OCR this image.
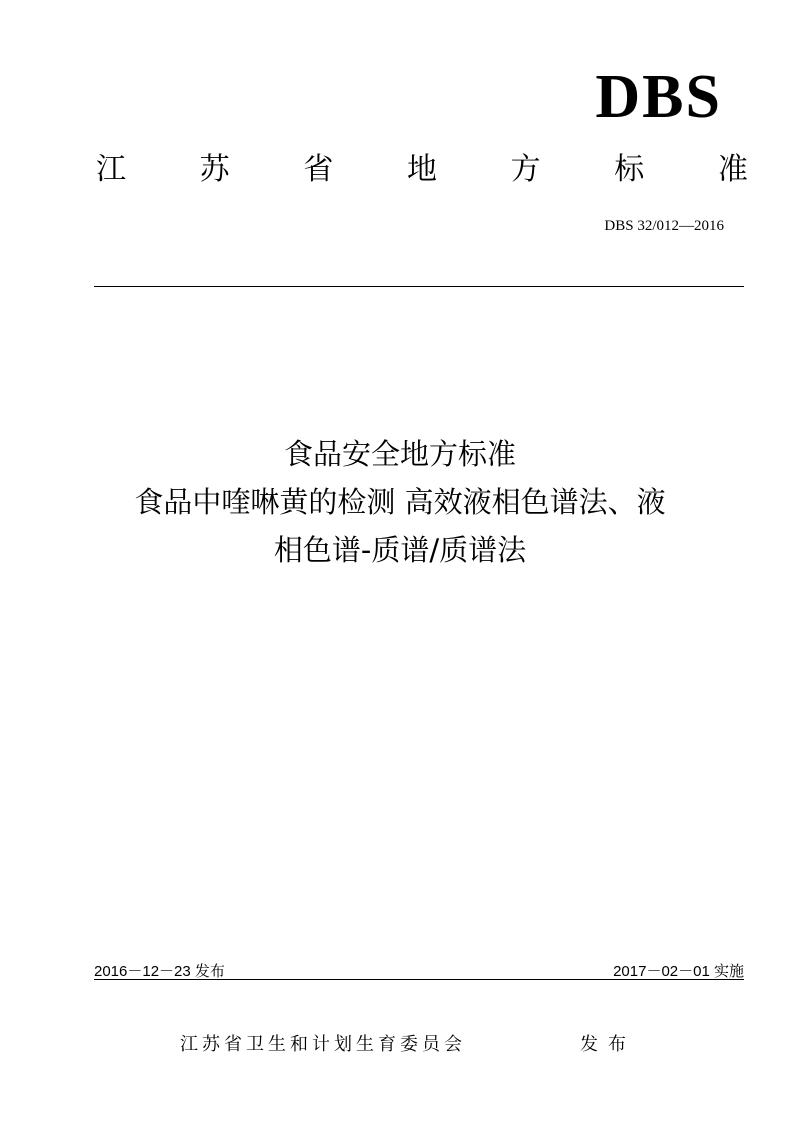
DBS
江 苏 省 地 方 标 准
DBS 32/012—2016
食品安全地方标准
食品中喹啉黄的检测 高效液相色谱法、液
相色谱-质谱/质谱法
2016－12－23 发布	2017－02－01 实施
江苏省卫生和计划生育委员会	发布
